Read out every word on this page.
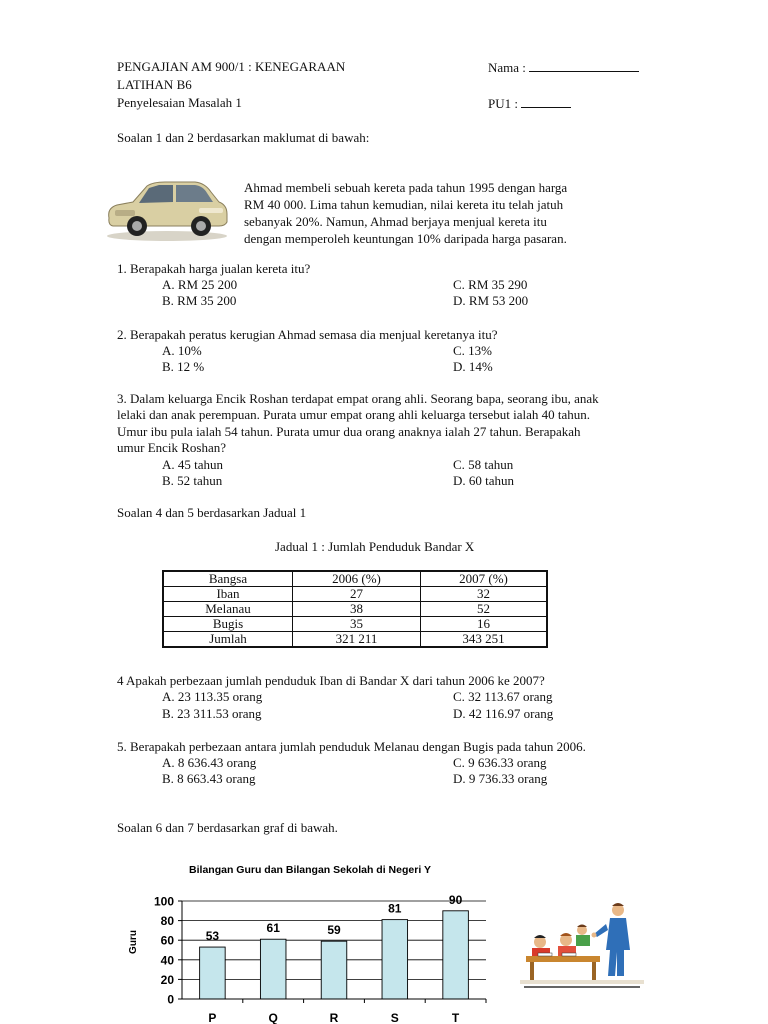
PENGAJIAN AM 900/1 : KENEGARAAN
LATIHAN B6
Penyelesaian Masalah 1
Nama :
PU1 :
Soalan 1 dan 2 berdasarkan maklumat di bawah:
Ahmad membeli sebuah kereta pada tahun 1995 dengan harga
RM 40 000. Lima tahun kemudian, nilai kereta itu telah jatuh
sebanyak 20%. Namun, Ahmad berjaya menjual kereta itu
dengan memperoleh keuntungan 10% daripada harga pasaran.
1. Berapakah harga jualan kereta itu?
A. RM 25 200	C. RM 35 290
B. RM 35 200	D. RM 53 200
2. Berapakah peratus kerugian Ahmad semasa dia menjual keretanya itu?
A. 10%	C. 13%
B. 12 %	D. 14%
3. Dalam keluarga Encik Roshan terdapat empat orang ahli. Seorang bapa, seorang ibu, anak
lelaki dan anak perempuan. Purata umur empat orang ahli keluarga tersebut ialah 40 tahun.
Umur ibu pula ialah 54 tahun. Purata umur dua orang anaknya ialah 27 tahun. Berapakah
umur Encik Roshan?
A. 45 tahun	C. 58 tahun
B. 52 tahun	D. 60 tahun
Soalan 4 dan 5 berdasarkan Jadual 1
Jadual 1 : Jumlah Penduduk Bandar X
Bangsa	2006 (%)	2007 (%)
Iban	27	32
Melanau	38	52
Bugis	35	16
Jumlah	321 211	343 251
4 Apakah perbezaan jumlah penduduk Iban di Bandar X dari tahun 2006 ke 2007?
A. 23 113.35 orang	C. 32 113.67 orang
B. 23 311.53 orang	D. 42 116.97 orang
5. Berapakah perbezaan antara jumlah penduduk Melanau dengan Bugis pada tahun 2006.
A. 8 636.43 orang	C. 9 636.33 orang
B. 8 663.43 orang	D. 9 736.33 orang
Soalan 6 dan 7 berdasarkan graf di bawah.
Bilangan Guru dan Bilangan Sekolah di Negeri Y
Guru
0
20
40
60
80
100
53
61	59
81
90
P	Q	R	S	T
